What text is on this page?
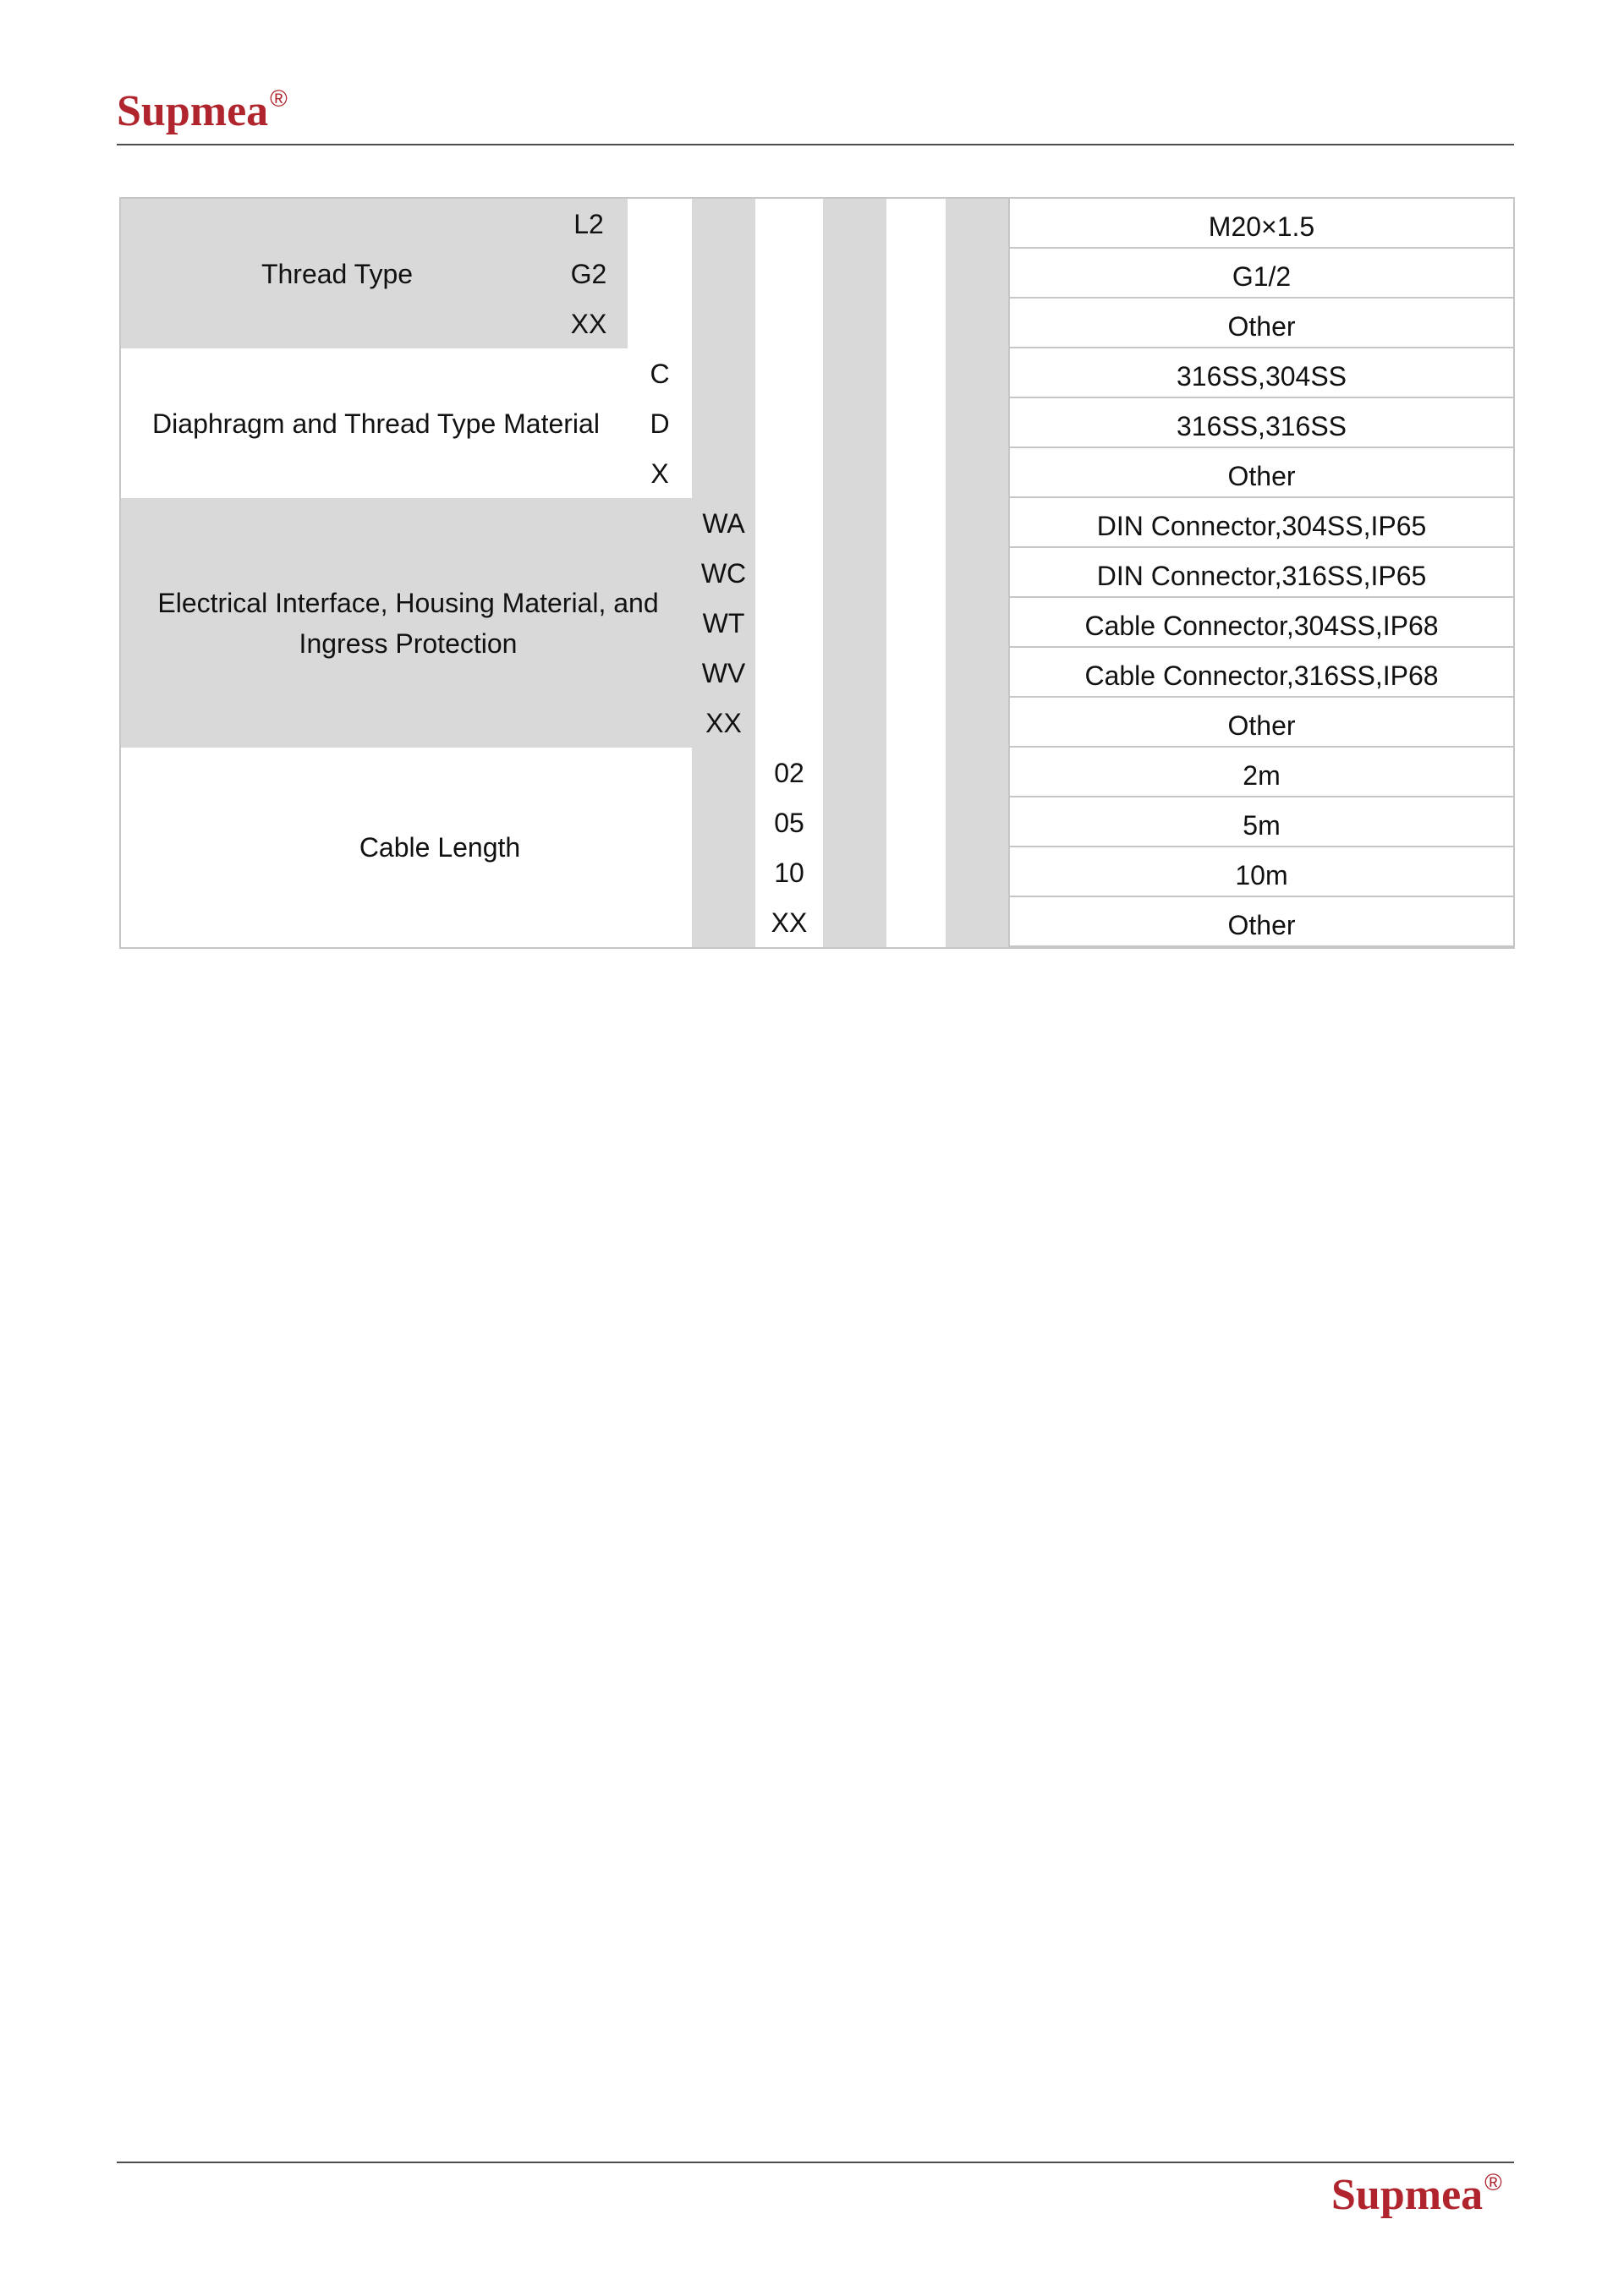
Supmea®
Thread Type
L2	M20×1.5
G2	G1/2
XX	Other
Diaphragm and Thread Type Material
C	316SS,304SS
D	316SS,316SS
X	Other
Electrical Interface, Housing Material, and Ingress Protection
WA	DIN Connector,304SS,IP65
WC	DIN Connector,316SS,IP65
WT	Cable Connector,304SS,IP68
WV	Cable Connector,316SS,IP68
XX	Other
Cable Length
02	2m
05	5m
10	10m
XX	Other
Supmea®
